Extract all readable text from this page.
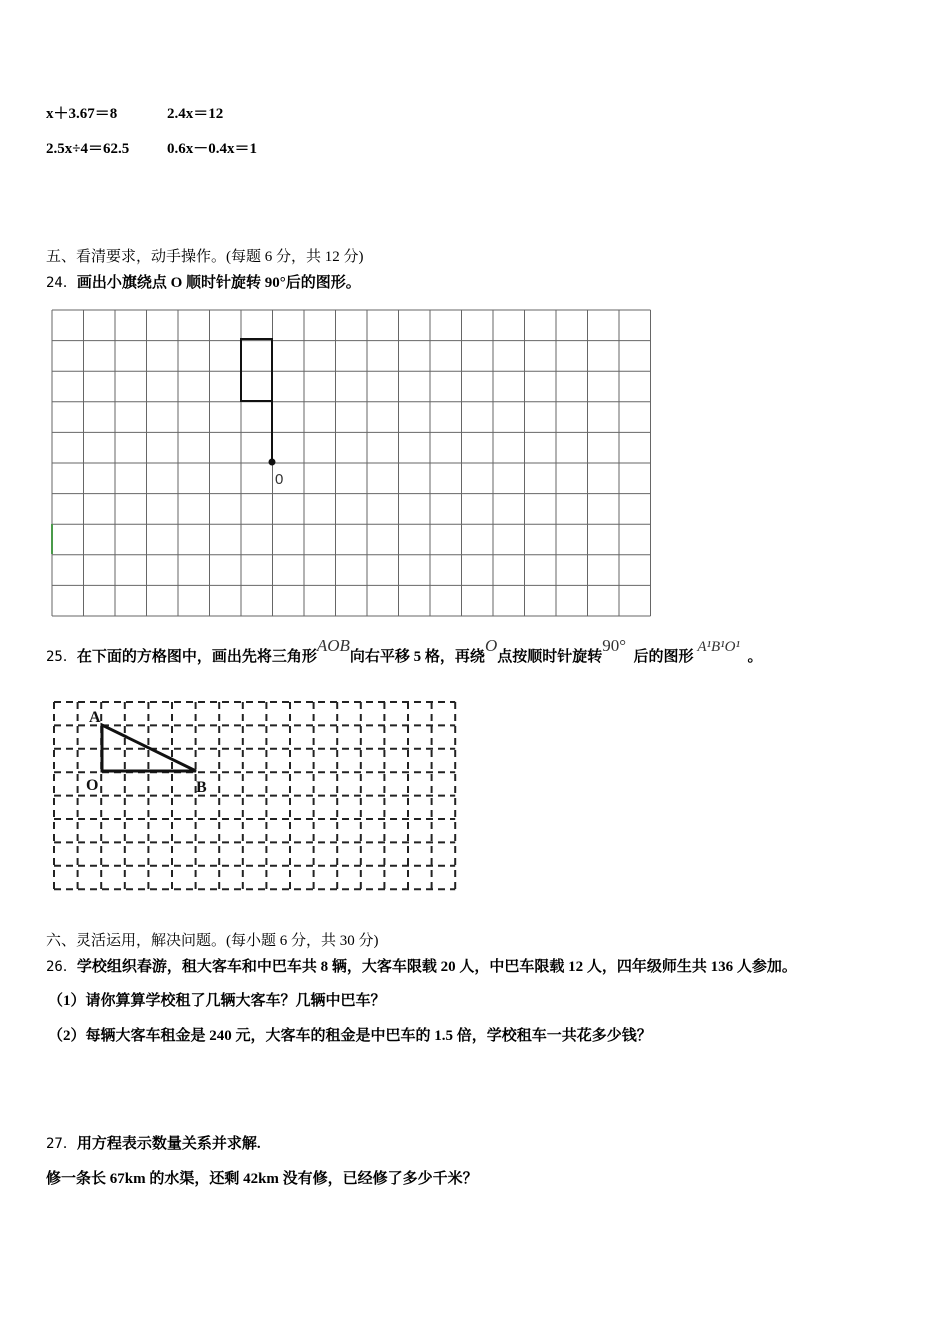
x＋3.67＝8	2.4x＝12
2.5x÷4＝62.5	0.6x－0.4x＝1
五、看清要求，动手操作。(每题 6 分，共 12 分)
24．画出小旗绕点 O 顺时针旋转 90°后的图形。
0
25．在下面的方格图中，画出先将三角形AOB向右平移 5 格，再绕O点按顺时针旋转90°  后的图形 A¹B¹O¹  。
A
O	B
六、灵活运用，解决问题。(每小题 6 分，共 30 分)
26．学校组织春游，租大客车和中巴车共 8 辆，大客车限载 20 人，中巴车限载 12 人，四年级师生共 136 人参加。
（1）请你算算学校租了几辆大客车？几辆中巴车？
（2）每辆大客车租金是 240 元，大客车的租金是中巴车的 1.5 倍，学校租车一共花多少钱？
27．用方程表示数量关系并求解.
修一条长 67km 的水渠，还剩 42km 没有修，已经修了多少千米？
